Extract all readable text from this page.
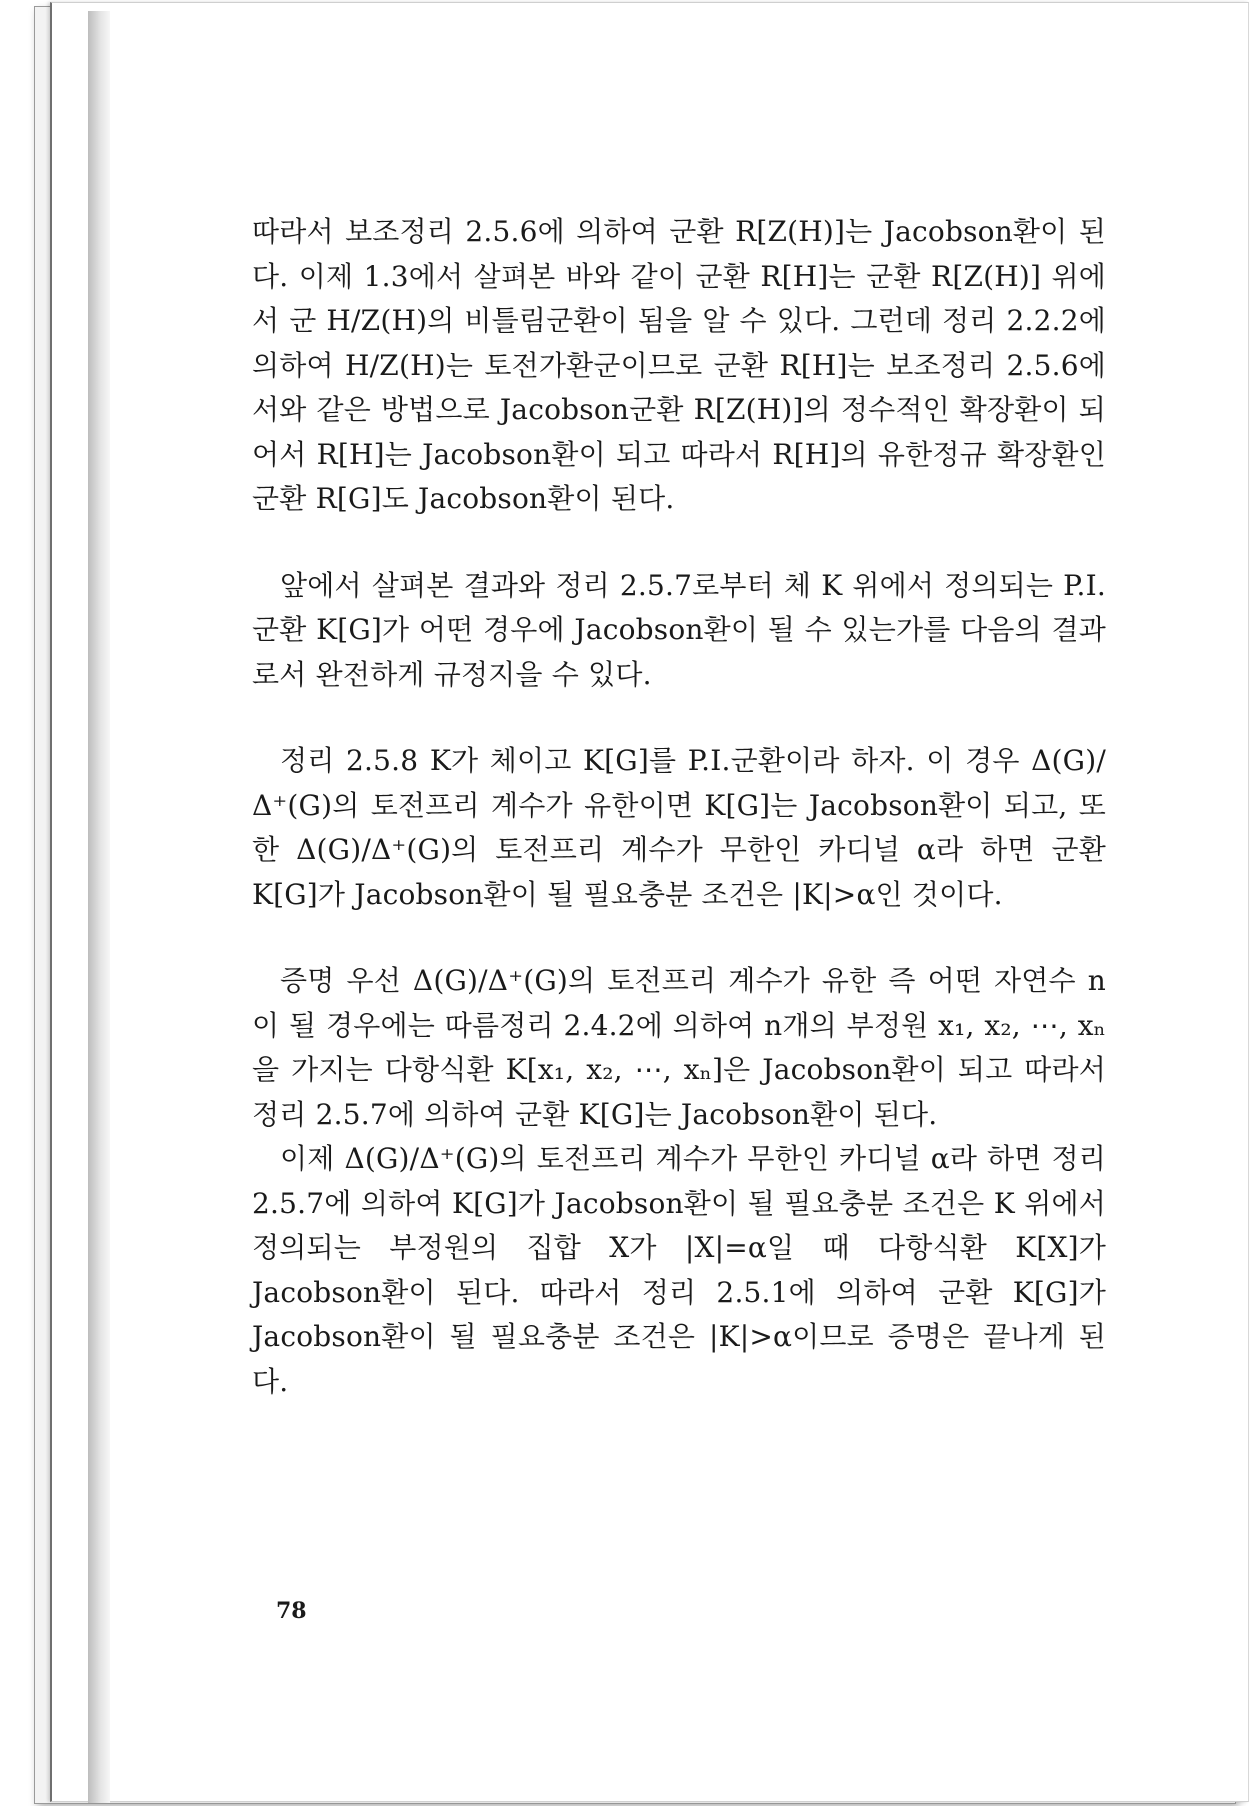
따라서 보조정리 2.5.6에 의하여 군환 R[Z(H)]는 Jacobson환이 된다. 이제 1.3에서 살펴본 바와 같이 군환 R[H]는 군환 R[Z(H)] 위에서 군 H/Z(H)의 비틀림군환이 됨을 알 수 있다. 그런데 정리 2.2.2에 의하여 H/Z(H)는 토전가환군이므로 군환 R[H]는 보조정리 2.5.6에서와 같은 방법으로 Jacobson군환 R[Z(H)]의 정수적인 확장환이 되어서 R[H]는 Jacobson환이 되고 따라서 R[H]의 유한정규 확장환인 군환 R[G]도 Jacobson환이 된다.

앞에서 살펴본 결과와 정리 2.5.7로부터 체 K 위에서 정의되는 P.I.군환 K[G]가 어떤 경우에 Jacobson환이 될 수 있는가를 다음의 결과로서 완전하게 규정지을 수 있다.

정리 2.5.8 K가 체이고 K[G]를 P.I.군환이라 하자. 이 경우 Δ(G)/Δ⁺(G)의 토전프리 계수가 유한이면 K[G]는 Jacobson환이 되고, 또한 Δ(G)/Δ⁺(G)의 토전프리 계수가 무한인 카디널 α라 하면 군환 K[G]가 Jacobson환이 될 필요충분 조건은 |K|>α인 것이다.

증명 우선 Δ(G)/Δ⁺(G)의 토전프리 계수가 유한 즉 어떤 자연수 n이 될 경우에는 따름정리 2.4.2에 의하여 n개의 부정원 x₁, x₂, ⋯, xₙ을 가지는 다항식환 K[x₁, x₂, ⋯, xₙ]은 Jacobson환이 되고 따라서 정리 2.5.7에 의하여 군환 K[G]는 Jacobson환이 된다.

이제 Δ(G)/Δ⁺(G)의 토전프리 계수가 무한인 카디널 α라 하면 정리 2.5.7에 의하여 K[G]가 Jacobson환이 될 필요충분 조건은 K 위에서 정의되는 부정원의 집합 X가 |X|=α일 때 다항식환 K[X]가 Jacobson환이 된다. 따라서 정리 2.5.1에 의하여 군환 K[G]가 Jacobson환이 될 필요충분 조건은 |K|>α이므로 증명은 끝나게 된다.

78
